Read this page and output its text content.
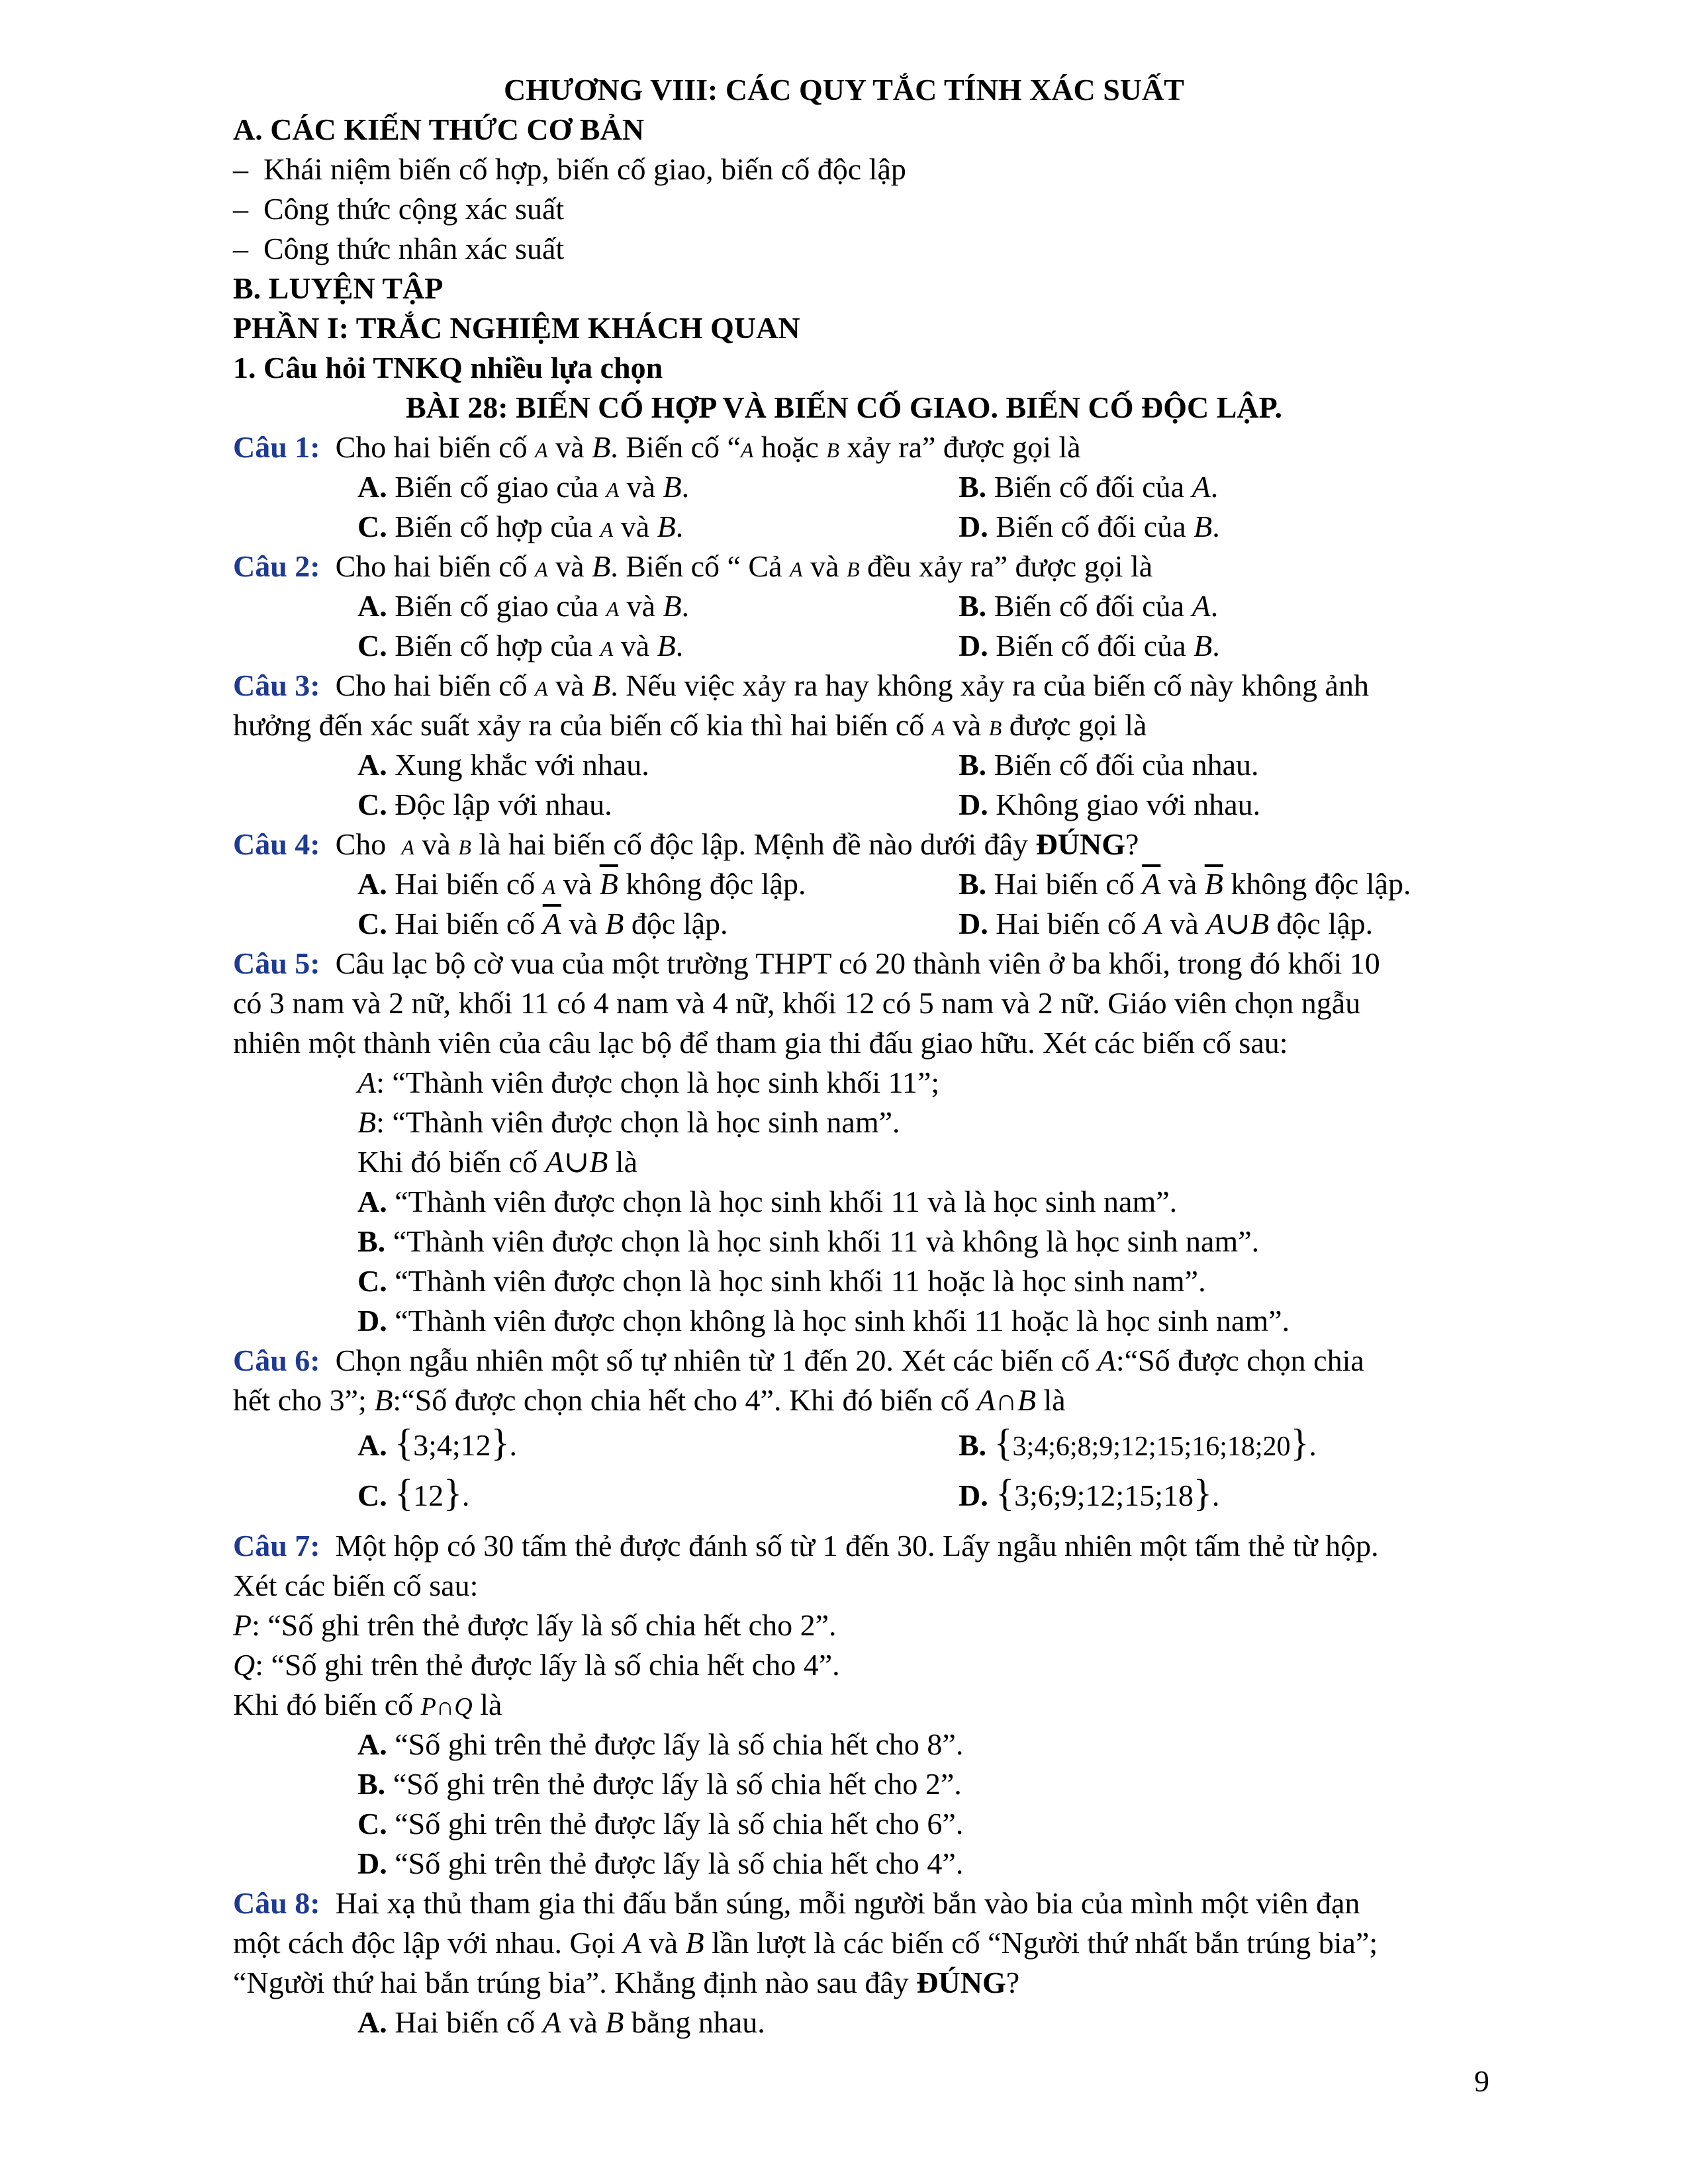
CHƯƠNG VIII: CÁC QUY TẮC TÍNH XÁC SUẤT
A. CÁC KIẾN THỨC CƠ BẢN
– Khái niệm biến cố hợp, biến cố giao, biến cố độc lập
– Công thức cộng xác suất
– Công thức nhân xác suất
B. LUYỆN TẬP
PHẦN I: TRẮC NGHIỆM KHÁCH QUAN
1. Câu hỏi TNKQ nhiều lựa chọn
BÀI 28: BIẾN CỐ HỢP VÀ BIẾN CỐ GIAO. BIẾN CỐ ĐỘC LẬP.
Câu 1: Cho hai biến cố A và B. Biến cố “A hoặc B xảy ra” được gọi là
A. Biến cố giao của A và B.	B. Biến cố đối của A.
C. Biến cố hợp của A và B.	D. Biến cố đối của B.
Câu 2: Cho hai biến cố A và B. Biến cố “ Cả A và B đều xảy ra” được gọi là
A. Biến cố giao của A và B.	B. Biến cố đối của A.
C. Biến cố hợp của A và B.	D. Biến cố đối của B.
Câu 3: Cho hai biến cố A và B. Nếu việc xảy ra hay không xảy ra của biến cố này không ảnh
hưởng đến xác suất xảy ra của biến cố kia thì hai biến cố A và B được gọi là
A. Xung khắc với nhau.	B. Biến cố đối của nhau.
C. Độc lập với nhau.	D. Không giao với nhau.
Câu 4: Cho A và B là hai biến cố độc lập. Mệnh đề nào dưới đây ĐÚNG?
A. Hai biến cố A và $\overline{B}$ không độc lập.	B. Hai biến cố $\overline{A}$ và $\overline{B}$ không độc lập.
C. Hai biến cố $\overline{A}$ và B độc lập.	D. Hai biến cố A và A∪B độc lập.
Câu 5: Câu lạc bộ cờ vua của một trường THPT có 20 thành viên ở ba khối, trong đó khối 10
có 3 nam và 2 nữ, khối 11 có 4 nam và 4 nữ, khối 12 có 5 nam và 2 nữ. Giáo viên chọn ngẫu
nhiên một thành viên của câu lạc bộ để tham gia thi đấu giao hữu. Xét các biến cố sau:
A: “Thành viên được chọn là học sinh khối 11”;
B: “Thành viên được chọn là học sinh nam”.
Khi đó biến cố A∪B là
A. “Thành viên được chọn là học sinh khối 11 và là học sinh nam”.
B. “Thành viên được chọn là học sinh khối 11 và không là học sinh nam”.
C. “Thành viên được chọn là học sinh khối 11 hoặc là học sinh nam”.
D. “Thành viên được chọn không là học sinh khối 11 hoặc là học sinh nam”.
Câu 6: Chọn ngẫu nhiên một số tự nhiên từ 1 đến 20. Xét các biến cố A:“Số được chọn chia
hết cho 3”; B:“Số được chọn chia hết cho 4”. Khi đó biến cố A∩B là
A. {3;4;12}.	B. {3;4;6;8;9;12;15;16;18;20}.
C. {12}.	D. {3;6;9;12;15;18}.
Câu 7: Một hộp có 30 tấm thẻ được đánh số từ 1 đến 30. Lấy ngẫu nhiên một tấm thẻ từ hộp.
Xét các biến cố sau:
P: “Số ghi trên thẻ được lấy là số chia hết cho 2”.
Q: “Số ghi trên thẻ được lấy là số chia hết cho 4”.
Khi đó biến cố P∩Q là
A. “Số ghi trên thẻ được lấy là số chia hết cho 8”.
B. “Số ghi trên thẻ được lấy là số chia hết cho 2”.
C. “Số ghi trên thẻ được lấy là số chia hết cho 6”.
D. “Số ghi trên thẻ được lấy là số chia hết cho 4”.
Câu 8: Hai xạ thủ tham gia thi đấu bắn súng, mỗi người bắn vào bia của mình một viên đạn
một cách độc lập với nhau. Gọi A và B lần lượt là các biến cố “Người thứ nhất bắn trúng bia”;
“Người thứ hai bắn trúng bia”. Khẳng định nào sau đây ĐÚNG?
A. Hai biến cố A và B bằng nhau.
9
